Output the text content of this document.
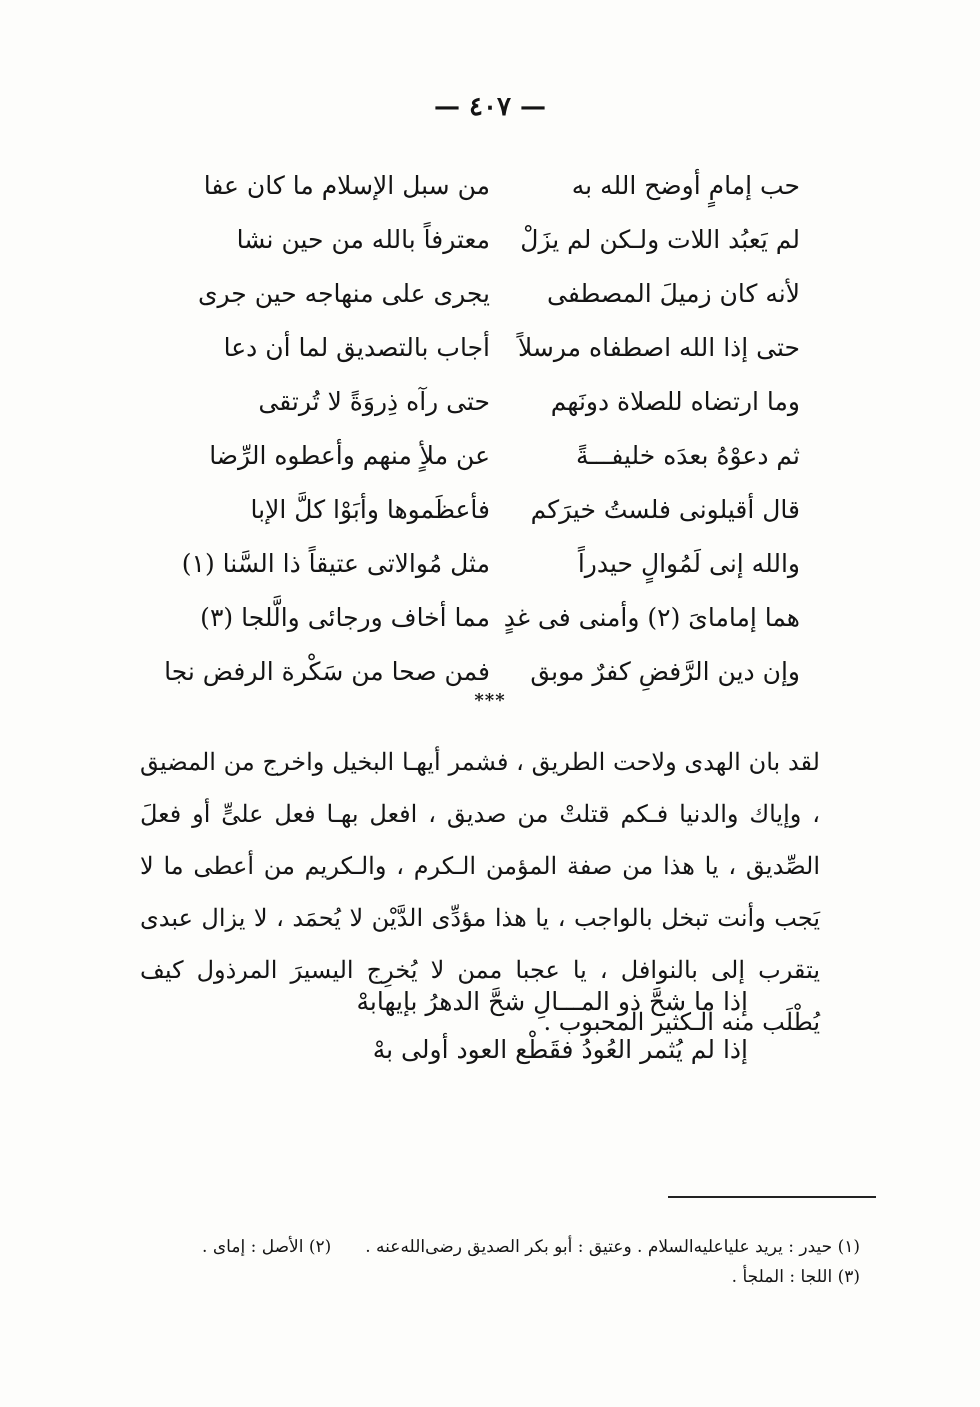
— ٤٠٧ —
حب إمامٍ أوضح الله به
من سبل الإسلام ما كان عفا
لم يَعبُد اللات ولـكن لم يزَلْ
معترفاً بالله من حين نشا
لأنه كان زميلَ المصطفى
يجرى على منهاجه حين جرى
حتى إذا الله اصطفاه مرسلاً
أجاب بالتصديق لما أن دعا
وما ارتضاه للصلاة دونَهم
حتى رآه ذِروَةً لا تُرتقى
ثم دعوْهُ بعدَه خليفـــةً
عن ملأٍ منهم وأعطوه الرِّضا
قال أقيلونى فلستُ خيرَكم
فأعظَموها وأبَوْا كلَّ الإبا
والله إنى لَمُوالٍ حيدراً
مثل مُوالاتى عتيقاً ذا السَّنا (١)
هما إمامایَ (٢) وأمنى فى غدٍ
مما أخاف ورجائى والَّلجا (٣)
وإن دين الرَّفضِ كفرٌ موبق
فمن صحا من سَكْرة الرفض نجا
***

لقد بان الهدى ولاحت الطريق ، فشمر أيهـا البخيل واخرج من المضيق ، وإياك والدنيا فـكم قتلتْ من صديق ، افعل بهـا فعل علىٍّ أو فعلَ الصِّديق ، يا هذا من صفة المؤمن الـكرم ، والـكريم من أعطى ما لا يَجب وأنت تبخل بالواجب ، يا هذا مؤدِّى الدَّيْن لا يُحمَد ، لا يزال عبدى يتقرب إلى بالنوافل ، يا عجبا ممن لا يُخرِج اليسيرَ المرذول كيف يُطْلَب منه الـكثير المحبوب .

إذا ما شحَّ ذو المـــالِ شحَّ الدهرُ بإيهابهْ
إذا لم يُثمر العُودُ فقَطْع العود أولى بهْ
(١) حيدر : يريد علياعليه‌السلام . وعتيق : أبو بكر الصديق رضى‌الله‌عنه .(٢) الأصل : إماى .
(٣) اللجا : الملجأ .
